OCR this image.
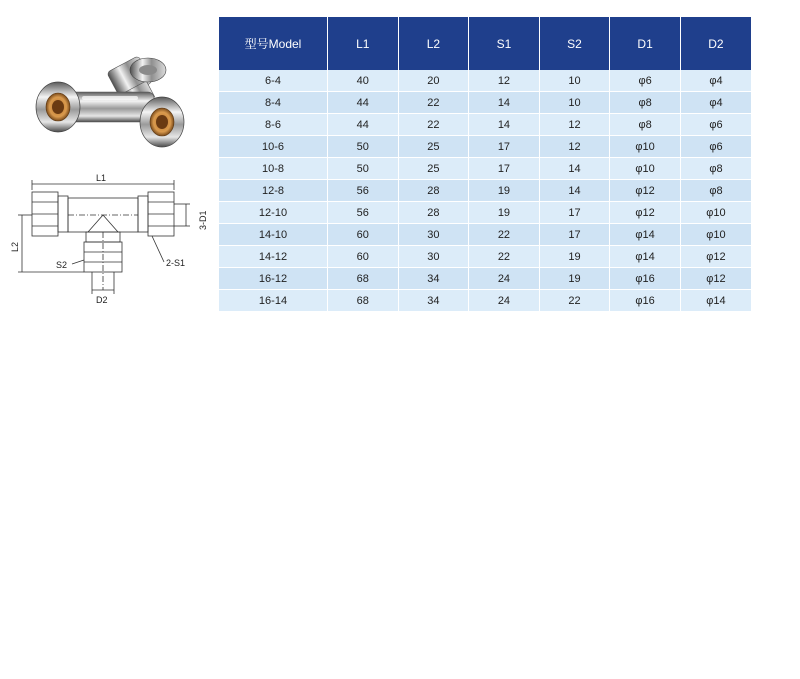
L1
L2
3-D1
2-S1
S2
D2
型号Model	L1	L2	S1	S2	D1	D2
6-4	40	20	12	10	φ6	φ4
8-4	44	22	14	10	φ8	φ4
8-6	44	22	14	12	φ8	φ6
10-6	50	25	17	12	φ10	φ6
10-8	50	25	17	14	φ10	φ8
12-8	56	28	19	14	φ12	φ8
12-10	56	28	19	17	φ12	φ10
14-10	60	30	22	17	φ14	φ10
14-12	60	30	22	19	φ14	φ12
16-12	68	34	24	19	φ16	φ12
16-14	68	34	24	22	φ16	φ14
